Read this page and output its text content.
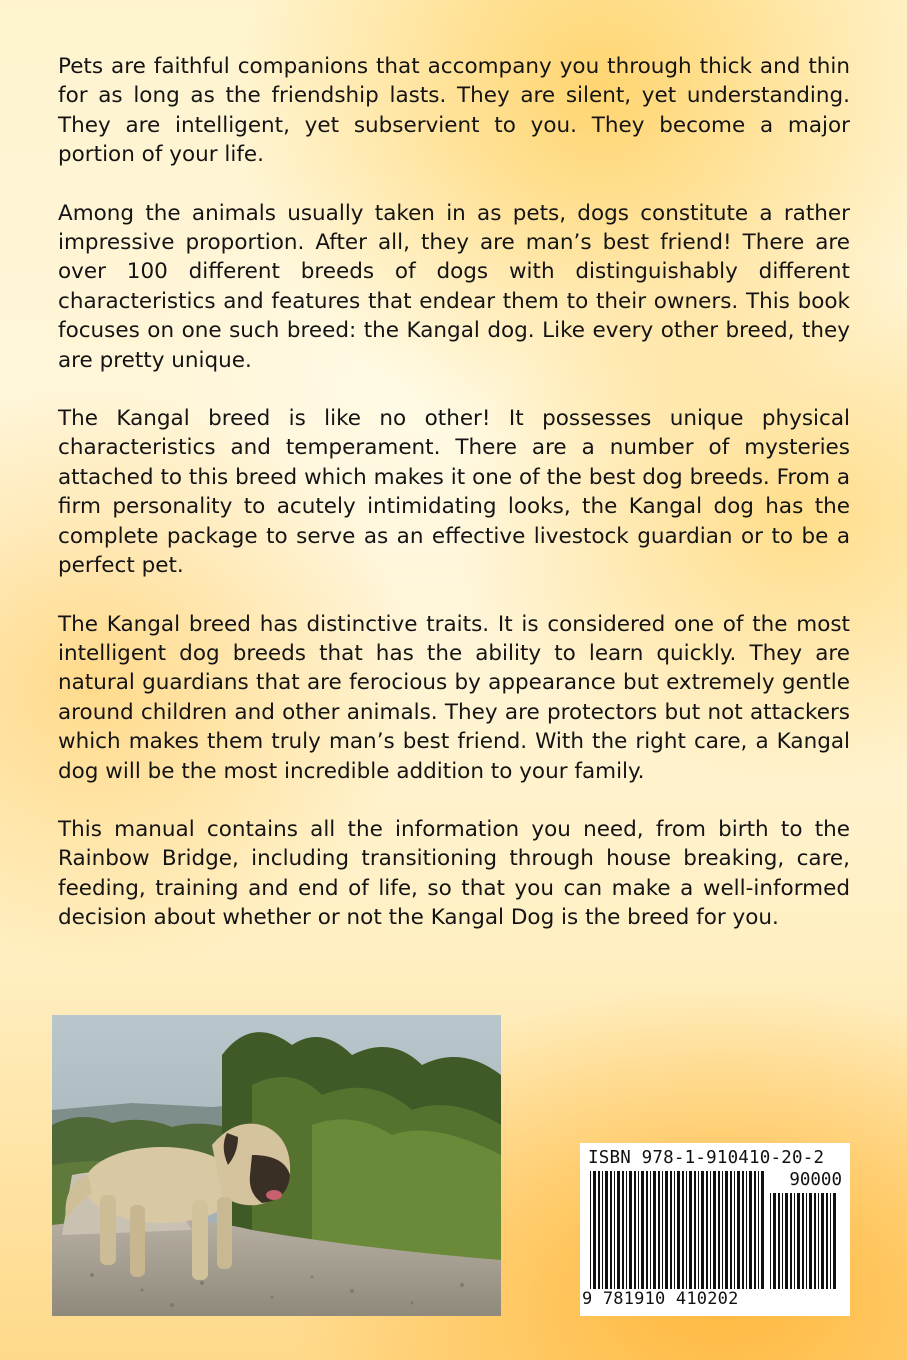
Pets are faithful companions that accompany you through thick and thin for as long as the friendship lasts. They are silent, yet understanding. They are intelligent, yet subservient to you. They become a major portion of your life.

Among the animals usually taken in as pets, dogs constitute a rather impressive proportion. After all, they are man’s best friend! There are over 100 different breeds of dogs with distinguishably different characteristics and features that endear them to their owners. This book focuses on one such breed: the Kangal dog. Like every other breed, they are pretty unique.

The Kangal breed is like no other! It possesses unique physical characteristics and temperament. There are a number of mysteries attached to this breed which makes it one of the best dog breeds. From a firm personality to acutely intimidating looks, the Kangal dog has the complete package to serve as an effective livestock guardian or to be a perfect pet.

The Kangal breed has distinctive traits. It is considered one of the most intelligent dog breeds that has the ability to learn quickly. They are natural guardians that are ferocious by appearance but extremely gentle around children and other animals. They are protectors but not attackers which makes them truly man’s best friend. With the right care, a Kangal dog will be the most incredible addition to your family.

This manual contains all the information you need, from birth to the Rainbow Bridge, including transitioning through house breaking, care, feeding, training and end of life, so that you can make a well-informed decision about whether or not the Kangal Dog is the breed for you.

ISBN 978-1-910410-20-2
90000
9 781910 410202
